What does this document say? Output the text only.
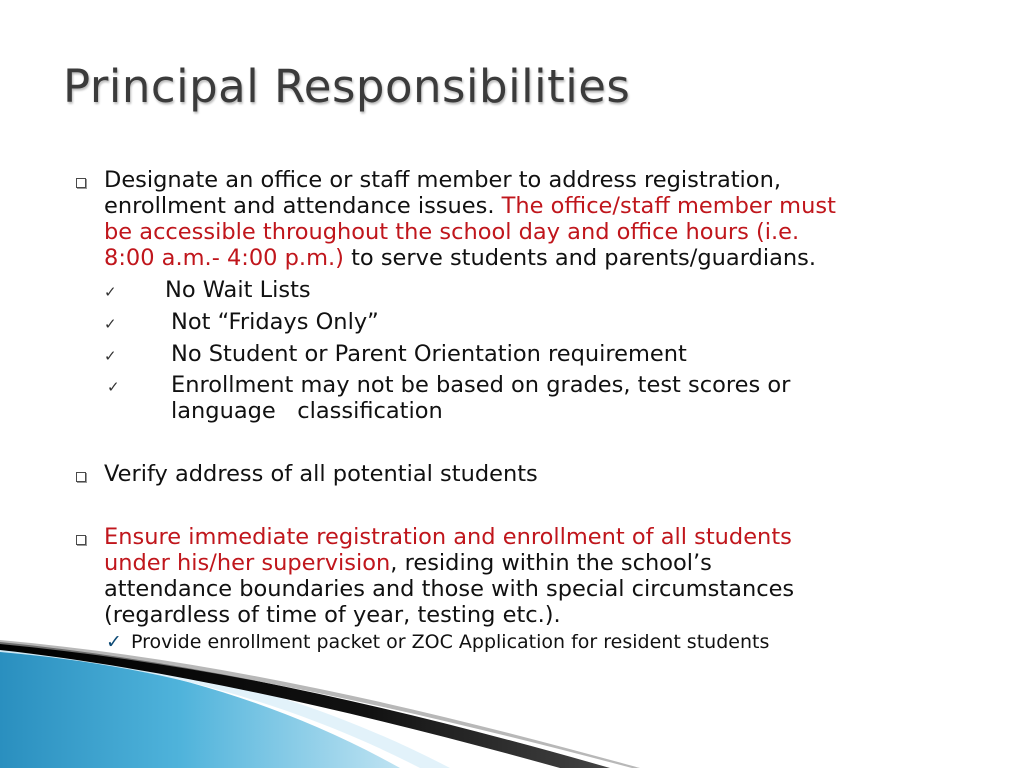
Principal Responsibilities
Designate an office or staff member to address registration,
enrollment and attendance issues. The office/staff member must
be accessible throughout the school day and office hours (i.e.
8:00 a.m.- 4:00 p.m.) to serve students and parents/guardians.
✓ No Wait Lists
✓ Not “Fridays Only”
✓ No Student or Parent Orientation requirement
✓ Enrollment may not be based on grades, test scores or
language   classification
Verify address of all potential students
Ensure immediate registration and enrollment of all students
under his/her supervision, residing within the school’s
attendance boundaries and those with special circumstances
(regardless of time of year, testing etc.).
✓ Provide enrollment packet or ZOC Application for resident students
